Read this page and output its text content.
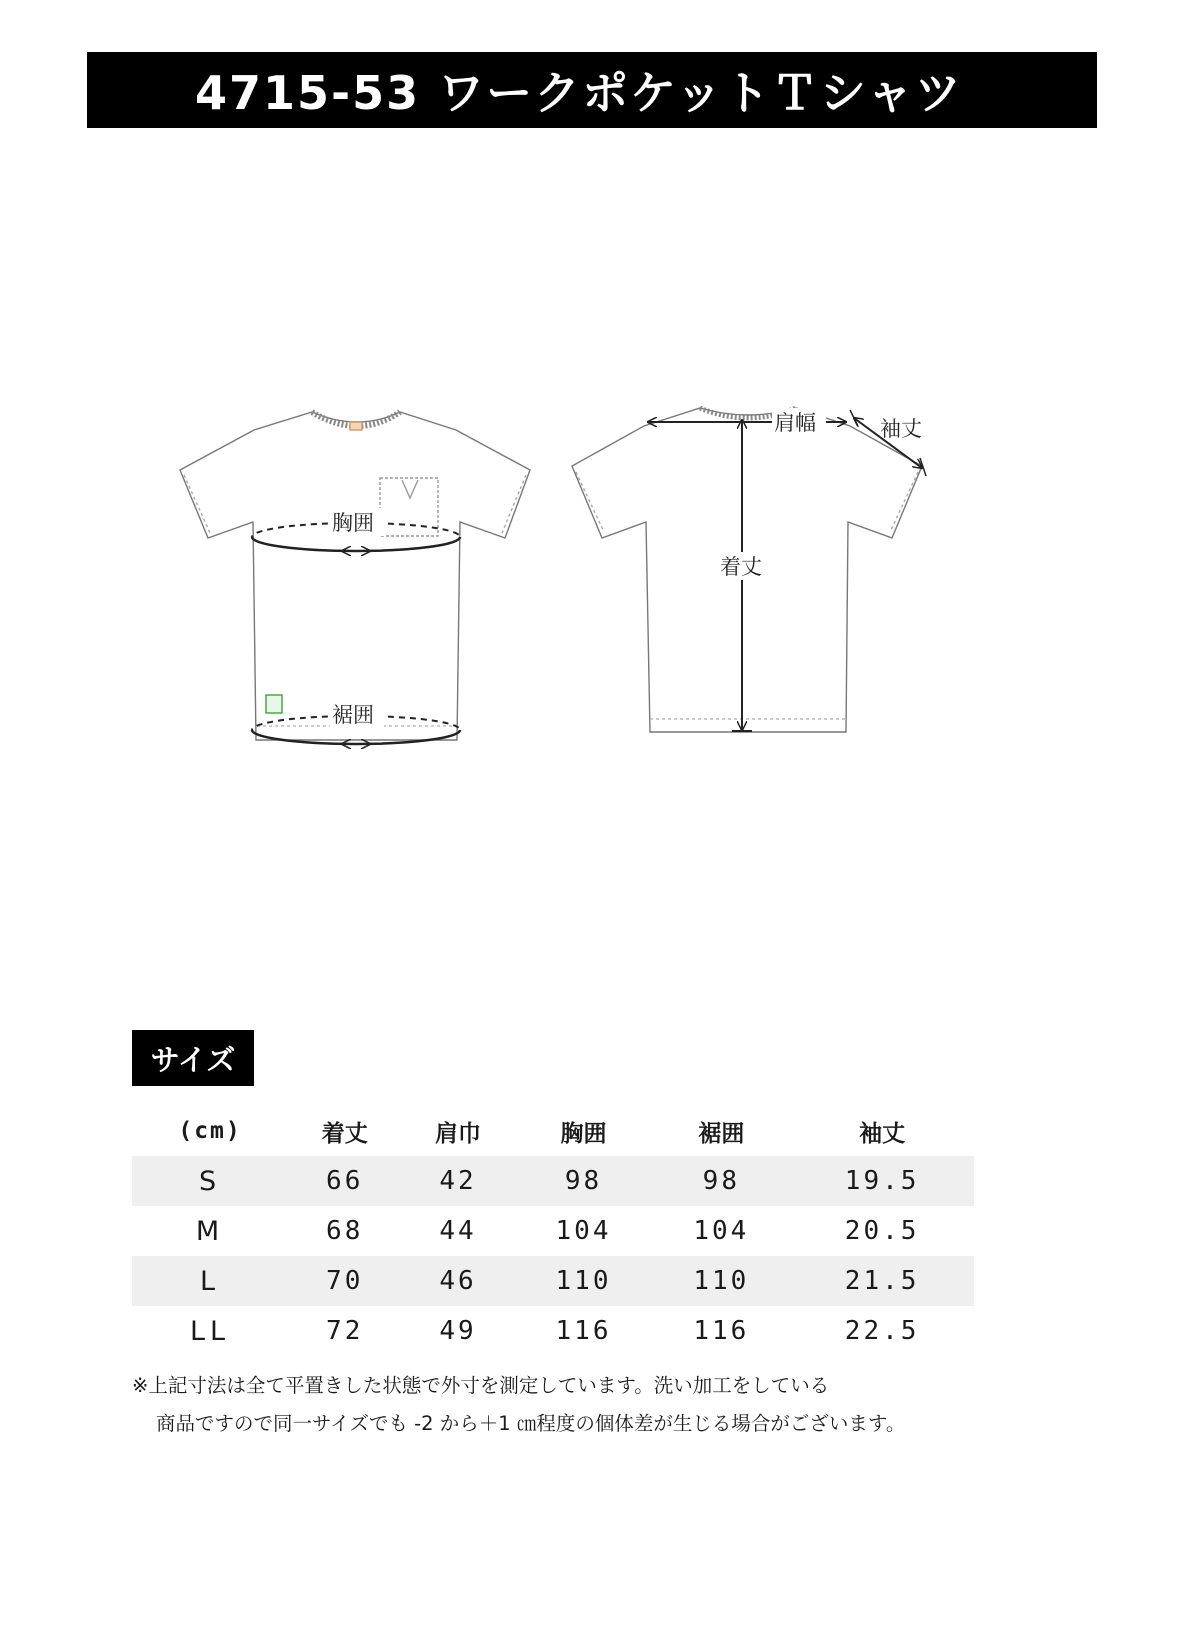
4715-53 ワークポケットＴシャツ
胸囲
裾囲
肩幅
着丈
袖丈
サイズ
(cm)	着丈	肩巾	胸囲	裾囲	袖丈
S	66	42	98	98	19.5
M	68	44	104	104	20.5
L	70	46	110	110	21.5
LL	72	49	116	116	22.5
※上記寸法は全て平置きした状態で外寸を測定しています。洗い加工をしている
商品ですので同一サイズでも -2 から＋1 ㎝程度の個体差が生じる場合がございます。
